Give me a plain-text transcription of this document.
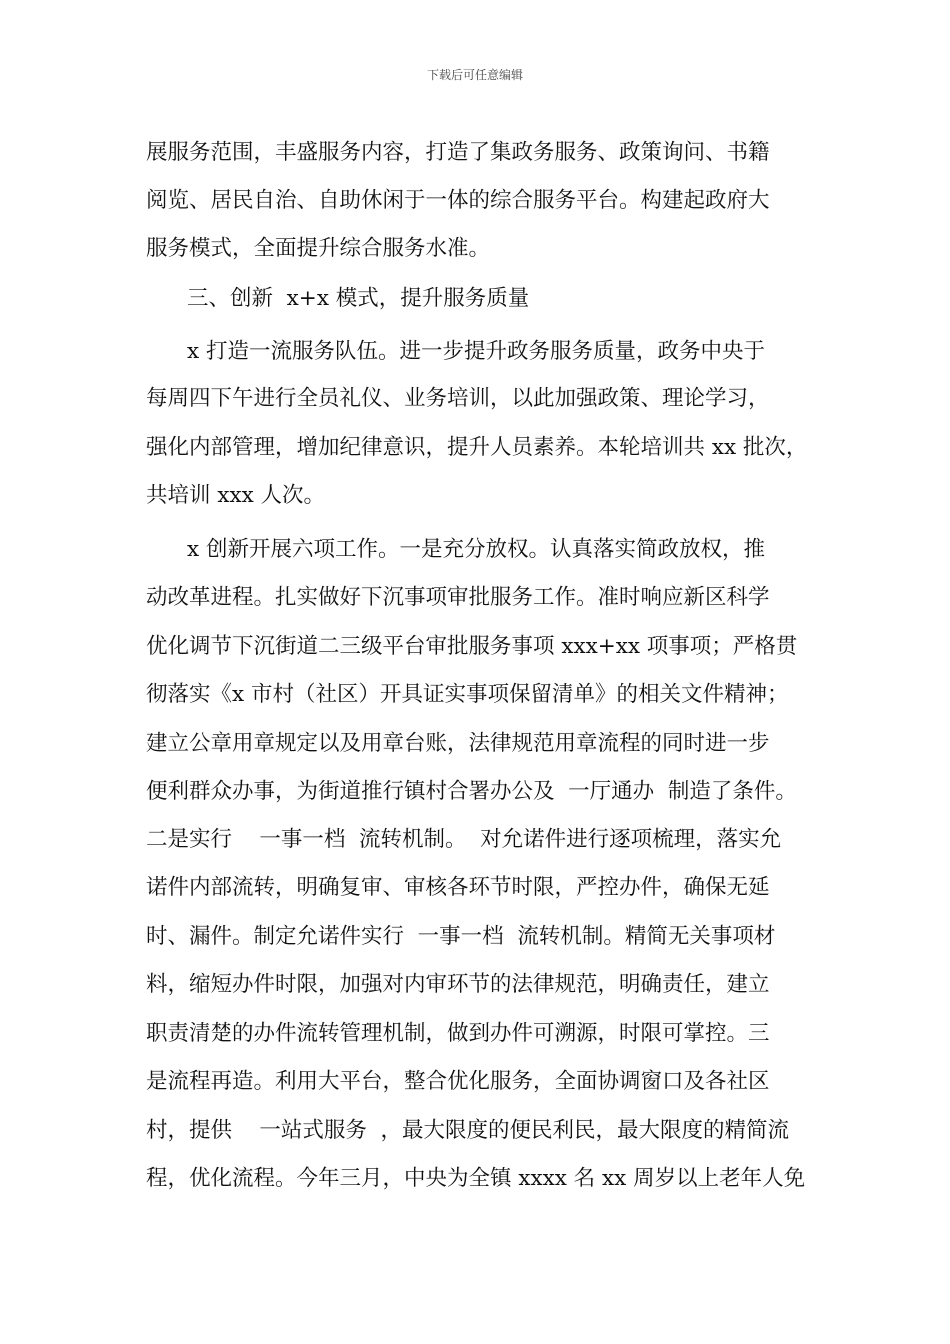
下载后可任意编辑
展服务范围，丰盛服务内容，打造了集政务服务、政策询问、书籍
阅览、居民自治、自助休闲于一体的综合服务平台。构建起政府大
服务模式，全面提升综合服务水准。
三、创新  x+x 模式，提升服务质量
x 打造一流服务队伍。进一步提升政务服务质量，政务中央于
每周四下午进行全员礼仪、业务培训，以此加强政策、理论学习，
强化内部管理，增加纪律意识，提升人员素养。本轮培训共 xx 批次，
共培训 xxx 人次。
x 创新开展六项工作。一是充分放权。认真落实简政放权，推
动改革进程。扎实做好下沉事项审批服务工作。准时响应新区科学
优化调节下沉街道二三级平台审批服务事项 xxx+xx 项事项；严格贯
彻落实《x 市村（社区）开具证实事项保留清单》的相关文件精神；
建立公章用章规定以及用章台账，法律规范用章流程的同时进一步
便利群众办事，为街道推行镇村合署办公及  一厅通办  制造了条件。
二是实行    一事一档  流转机制。  对允诺件进行逐项梳理，落实允
诺件内部流转，明确复审、审核各环节时限，严控办件，确保无延
时、漏件。制定允诺件实行  一事一档  流转机制。精简无关事项材
料，缩短办件时限，加强对内审环节的法律规范，明确责任，建立
职责清楚的办件流转管理机制，做到办件可溯源，时限可掌控。三
是流程再造。利用大平台，整合优化服务，全面协调窗口及各社区
村，提供    一站式服务  ，最大限度的便民利民，最大限度的精简流
程，优化流程。今年三月，中央为全镇 xxxx 名 xx 周岁以上老年人免
